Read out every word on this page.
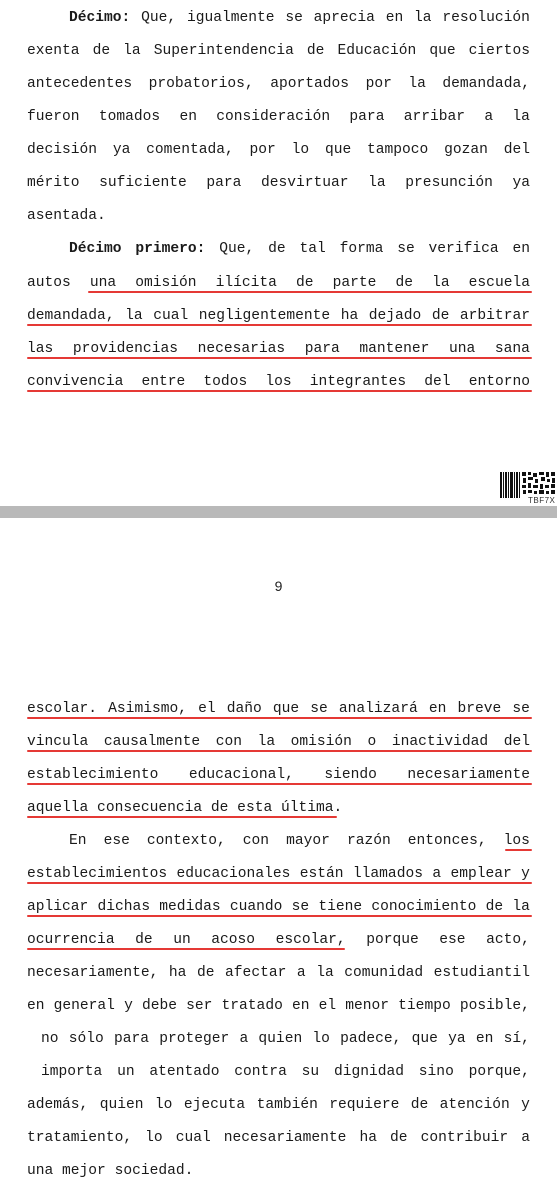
Décimo: Que, igualmente se aprecia en la resolución
exenta de la Superintendencia de Educación que ciertos
antecedentes probatorios, aportados por la demandada,
fueron tomados en consideración para arribar a la
decisión ya comentada, por lo que tampoco gozan del
mérito suficiente para desvirtuar la presunción ya
asentada.
Décimo primero: Que, de tal forma se verifica en
autos una omisión ilícita de parte de la escuela
demandada, la cual negligentemente ha dejado de arbitrar
las providencias necesarias para mantener una sana
convivencia entre todos los integrantes del entorno
TBF7X
9
escolar. Asimismo, el daño que se analizará en breve se
vincula causalmente con la omisión o inactividad del
establecimiento educacional, siendo necesariamente
aquella consecuencia de esta última.
En ese contexto, con mayor razón entonces, los
establecimientos educacionales están llamados a emplear y
aplicar dichas medidas cuando se tiene conocimiento de la
ocurrencia de un acoso escolar, porque ese acto,
necesariamente, ha de afectar a la comunidad estudiantil
en general y debe ser tratado en el menor tiempo posible,
no sólo para proteger a quien lo padece, que ya en sí,
importa un atentado contra su dignidad sino porque,
además, quien lo ejecuta también requiere de atención y
tratamiento, lo cual necesariamente ha de contribuir a
una mejor sociedad.
